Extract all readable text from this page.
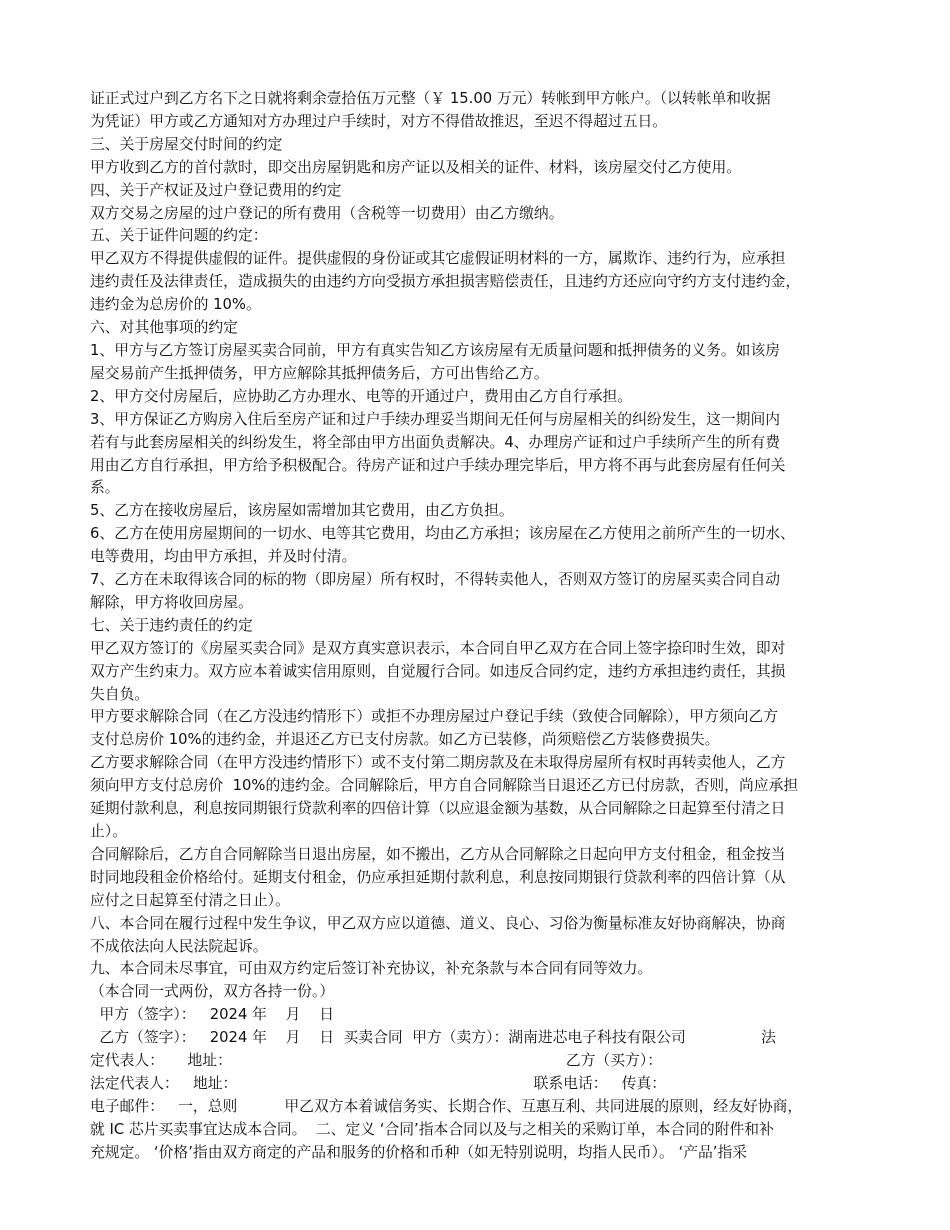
证正式过户到乙方名下之日就将剩余壹拾伍万元整（￥ 15.00 万元）转帐到甲方帐户。（以转帐单和收据

为凭证）甲方或乙方通知对方办理过户手续时，对方不得借故推迟，至迟不得超过五日。

三、关于房屋交付时间的约定

甲方收到乙方的首付款时，即交出房屋钥匙和房产证以及相关的证件、材料，该房屋交付乙方使用。

四、关于产权证及过户登记费用的约定

双方交易之房屋的过户登记的所有费用（含税等一切费用）由乙方缴纳。

五、关于证件问题的约定：

甲乙双方不得提供虚假的证件。提供虚假的身份证或其它虚假证明材料的一方，属欺诈、违约行为，应承担

违约责任及法律责任，造成损失的由违约方向受损方承担损害赔偿责任，且违约方还应向守约方支付违约金，

违约金为总房价的 10%。

六、对其他事项的约定

1、甲方与乙方签订房屋买卖合同前，甲方有真实告知乙方该房屋有无质量问题和抵押债务的义务。如该房

屋交易前产生抵押债务，甲方应解除其抵押债务后，方可出售给乙方。

2、甲方交付房屋后，应协助乙方办理水、电等的开通过户，费用由乙方自行承担。

3、甲方保证乙方购房入住后至房产证和过户手续办理妥当期间无任何与房屋相关的纠纷发生，这一期间内

若有与此套房屋相关的纠纷发生，将全部由甲方出面负责解决。4、办理房产证和过户手续所产生的所有费

用由乙方自行承担，甲方给予积极配合。待房产证和过户手续办理完毕后，甲方将不再与此套房屋有任何关

系。

5、乙方在接收房屋后，该房屋如需增加其它费用，由乙方负担。

6、乙方在使用房屋期间的一切水、电等其它费用，均由乙方承担；该房屋在乙方使用之前所产生的一切水、

电等费用，均由甲方承担，并及时付清。

7、乙方在未取得该合同的标的物（即房屋）所有权时，不得转卖他人，否则双方签订的房屋买卖合同自动

解除，甲方将收回房屋。

七、关于违约责任的约定

甲乙双方签订的《房屋买卖合同》是双方真实意识表示，本合同自甲乙双方在合同上签字捺印时生效，即对

双方产生约束力。双方应本着诚实信用原则，自觉履行合同。如违反合同约定，违约方承担违约责任，其损

失自负。

甲方要求解除合同（在乙方没违约情形下）或拒不办理房屋过户登记手续（致使合同解除），甲方须向乙方

支付总房价 10%的违约金，并退还乙方已支付房款。如乙方已装修，尚须赔偿乙方装修费损失。

乙方要求解除合同（在甲方没违约情形下）或不支付第二期房款及在未取得房屋所有权时再转卖他人，乙方

须向甲方支付总房价  10%的违约金。合同解除后，甲方自合同解除当日退还乙方已付房款，否则，尚应承担

延期付款利息，利息按同期银行贷款利率的四倍计算（以应退金额为基数，从合同解除之日起算至付清之日

止）。

合同解除后，乙方自合同解除当日退出房屋，如不搬出，乙方从合同解除之日起向甲方支付租金，租金按当

时同地段租金价格给付。延期支付租金，仍应承担延期付款利息，利息按同期银行贷款利率的四倍计算（从

应付之日起算至付清之日止）。

八、本合同在履行过程中发生争议，甲乙双方应以道德、道义、良心、习俗为衡量标准友好协商解决，协商

不成依法向人民法院起诉。

九、本合同未尽事宜，可由双方约定后签订补充协议，补充条款与本合同有同等效力。

（本合同一式两份，双方各持一份。）

甲方（签字）：   2024 年    月    日

乙方（签字）：   2024 年    月    日  买卖合同  甲方（卖方）：湖南进芯电子科技有限公司                法

定代表人：     地址：                                                                       乙方（买方）：

法定代表人：   地址：                                                               联系电话：   传真：

电子邮件：   一，总则          甲乙双方本着诚信务实、长期合作、互惠互利、共同进展的原则，经友好协商，

就 IC 芯片买卖事宜达成本合同。  二、定义 ‘合同’指本合同以及与之相关的采购订单，本合同的附件和补

充规定。 ‘价格’指由双方商定的产品和服务的价格和币种（如无特别说明，均指人民币）。 ‘产品’指采
